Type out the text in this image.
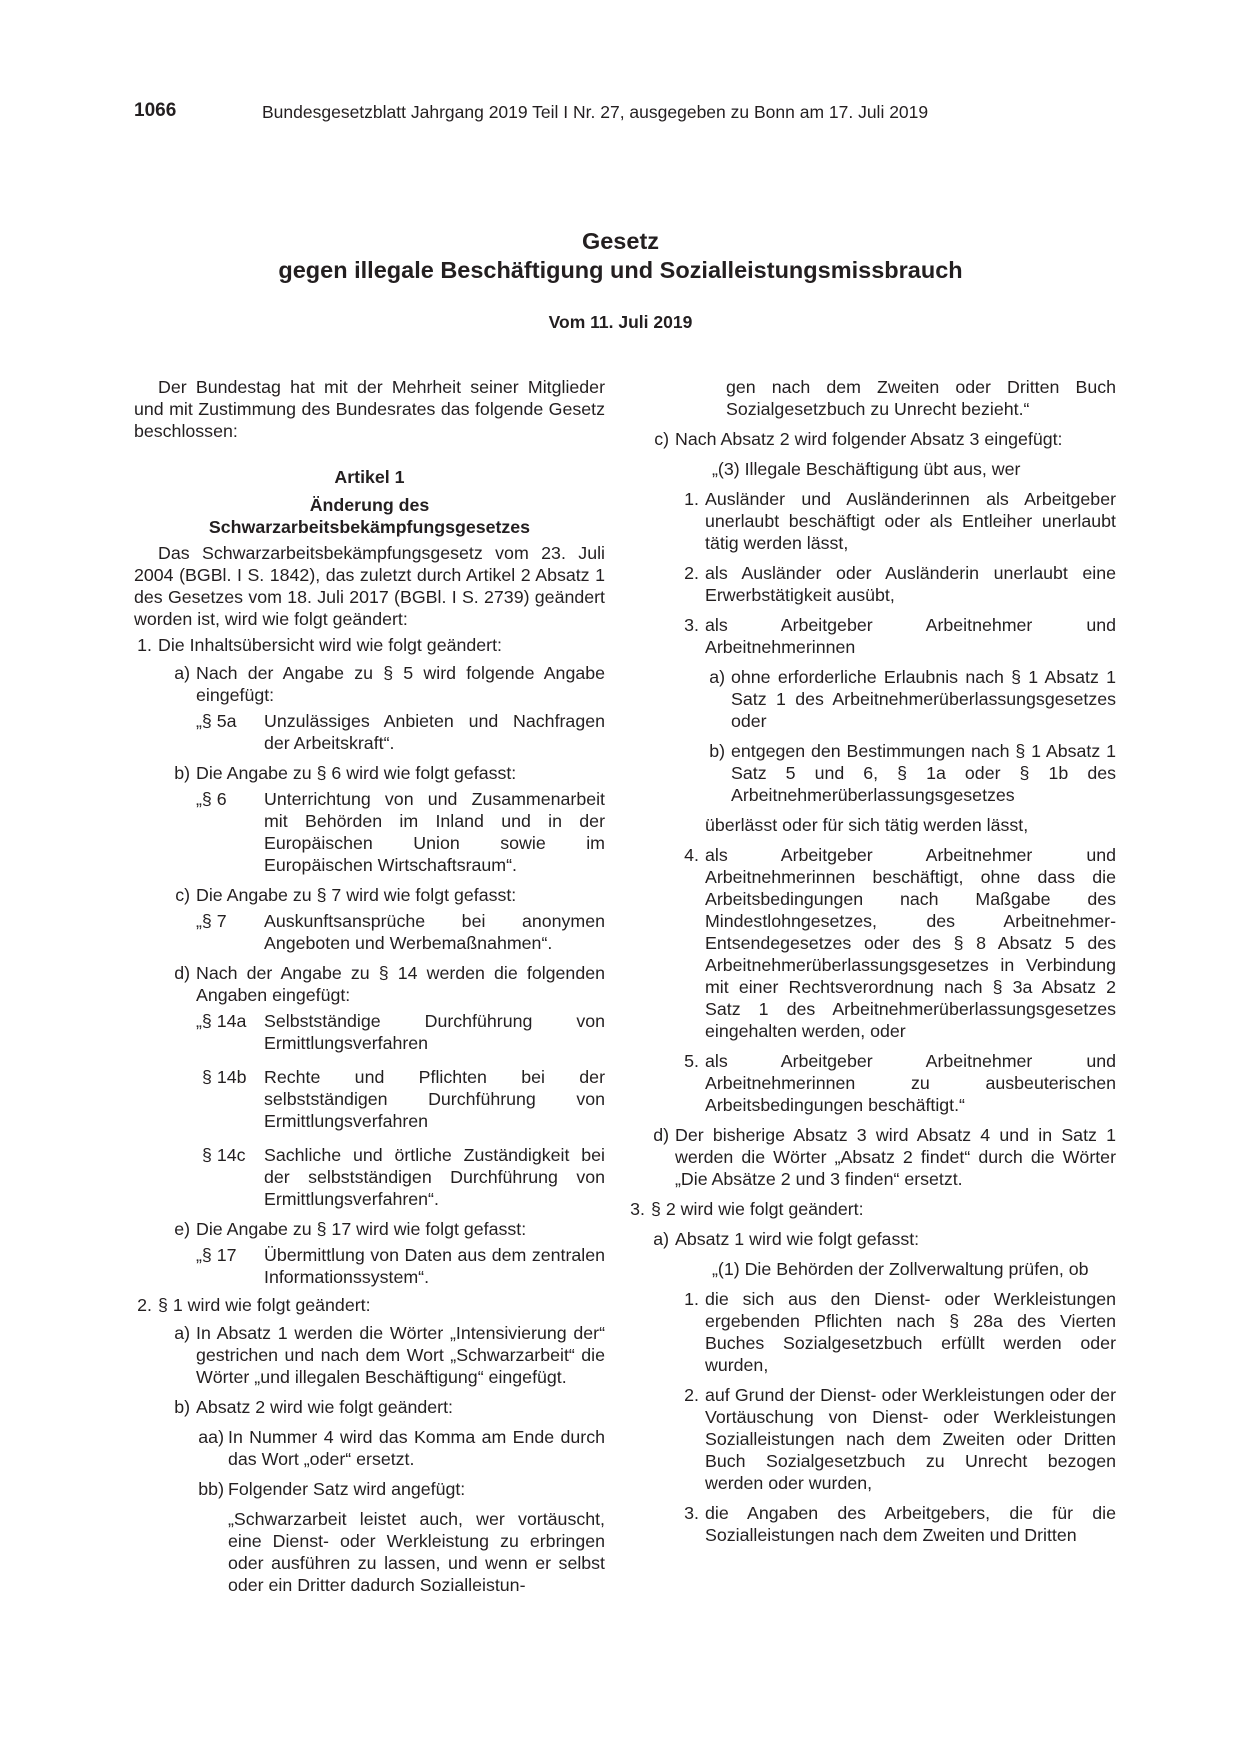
1066	Bundesgesetzblatt Jahrgang 2019 Teil I Nr. 27, ausgegeben zu Bonn am 17. Juli 2019
Gesetz
gegen illegale Beschäftigung und Sozialleistungsmissbrauch
Vom 11. Juli 2019

Der Bundestag hat mit der Mehrheit seiner Mitglieder und mit Zustimmung des Bundesrates das folgende Gesetz beschlossen:

Artikel 1

Änderung des

Schwarzarbeitsbekämpfungsgesetzes

Das Schwarzarbeitsbekämpfungsgesetz vom 23. Juli 2004 (BGBl. I S. 1842), das zuletzt durch Artikel 2 Absatz 1 des Gesetzes vom 18. Juli 2017 (BGBl. I S. 2739) geändert worden ist, wird wie folgt geändert:

1. Die Inhaltsübersicht wird wie folgt geändert:
a) Nach der Angabe zu § 5 wird folgende Angabe eingefügt:
„§ 5a	Unzulässiges Anbieten und Nachfragen der Arbeitskraft“.
b) Die Angabe zu § 6 wird wie folgt gefasst:
„§ 6	Unterrichtung von und Zusammenarbeit mit Behörden im Inland und in der Europäischen Union sowie im Europäischen Wirtschaftsraum“.
c) Die Angabe zu § 7 wird wie folgt gefasst:
„§ 7	Auskunftsansprüche bei anonymen Angeboten und Werbemaßnahmen“.
d) Nach der Angabe zu § 14 werden die folgenden Angaben eingefügt:
„§ 14a Selbstständige Durchführung von Ermittlungsverfahren
§ 14b Rechte und Pflichten bei der selbstständigen Durchführung von Ermittlungsverfahren
§ 14c	Sachliche und örtliche Zuständigkeit bei der selbstständigen Durchführung von Ermittlungsverfahren“.
e) Die Angabe zu § 17 wird wie folgt gefasst:
„§ 17	Übermittlung von Daten aus dem zentralen Informationssystem“.
2. § 1 wird wie folgt geändert:
a) In Absatz 1 werden die Wörter „Intensivierung der“ gestrichen und nach dem Wort „Schwarzarbeit“ die Wörter „und illegalen Beschäftigung“ eingefügt.
b) Absatz 2 wird wie folgt geändert:
aa) In Nummer 4 wird das Komma am Ende durch das Wort „oder“ ersetzt.
bb) Folgender Satz wird angefügt:

„Schwarzarbeit leistet auch, wer vortäuscht, eine Dienst- oder Werkleistung zu erbringen oder ausführen zu lassen, und wenn er selbst oder ein Dritter dadurch Sozialleistun-

gen nach dem Zweiten oder Dritten Buch Sozialgesetzbuch zu Unrecht bezieht.“

c) Nach Absatz 2 wird folgender Absatz 3 eingefügt:

„(3) Illegale Beschäftigung übt aus, wer

1. Ausländer und Ausländerinnen als Arbeitgeber unerlaubt beschäftigt oder als Entleiher unerlaubt tätig werden lässt,
2. als Ausländer oder Ausländerin unerlaubt eine Erwerbstätigkeit ausübt,
3. als Arbeitgeber Arbeitnehmer und Arbeitnehmerinnen
a) ohne erforderliche Erlaubnis nach § 1 Absatz 1 Satz 1 des Arbeitnehmerüberlassungsgesetzes oder
b) entgegen den Bestimmungen nach § 1 Absatz 1 Satz 5 und 6, § 1a oder § 1b des Arbeitnehmerüberlassungsgesetzes

überlässt oder für sich tätig werden lässt,

4. als Arbeitgeber Arbeitnehmer und Arbeitnehmerinnen beschäftigt, ohne dass die Arbeitsbedingungen nach Maßgabe des Mindestlohngesetzes, des Arbeitnehmer-Entsendegesetzes oder des § 8 Absatz 5 des Arbeitnehmerüberlassungsgesetzes in Verbindung mit einer Rechtsverordnung nach § 3a Absatz 2 Satz 1 des Arbeitnehmerüberlassungsgesetzes eingehalten werden, oder
5. als Arbeitgeber Arbeitnehmer und Arbeitnehmerinnen zu ausbeuterischen Arbeitsbedingungen beschäftigt.“
d) Der bisherige Absatz 3 wird Absatz 4 und in Satz 1 werden die Wörter „Absatz 2 findet“ durch die Wörter „Die Absätze 2 und 3 finden“ ersetzt.
3. § 2 wird wie folgt geändert:
a) Absatz 1 wird wie folgt gefasst:

„(1) Die Behörden der Zollverwaltung prüfen, ob

1. die sich aus den Dienst- oder Werkleistungen ergebenden Pflichten nach § 28a des Vierten Buches Sozialgesetzbuch erfüllt werden oder wurden,
2. auf Grund der Dienst- oder Werkleistungen oder der Vortäuschung von Dienst- oder Werkleistungen Sozialleistungen nach dem Zweiten oder Dritten Buch Sozialgesetzbuch zu Unrecht bezogen werden oder wurden,
3. die Angaben des Arbeitgebers, die für die Sozialleistungen nach dem Zweiten und Dritten
